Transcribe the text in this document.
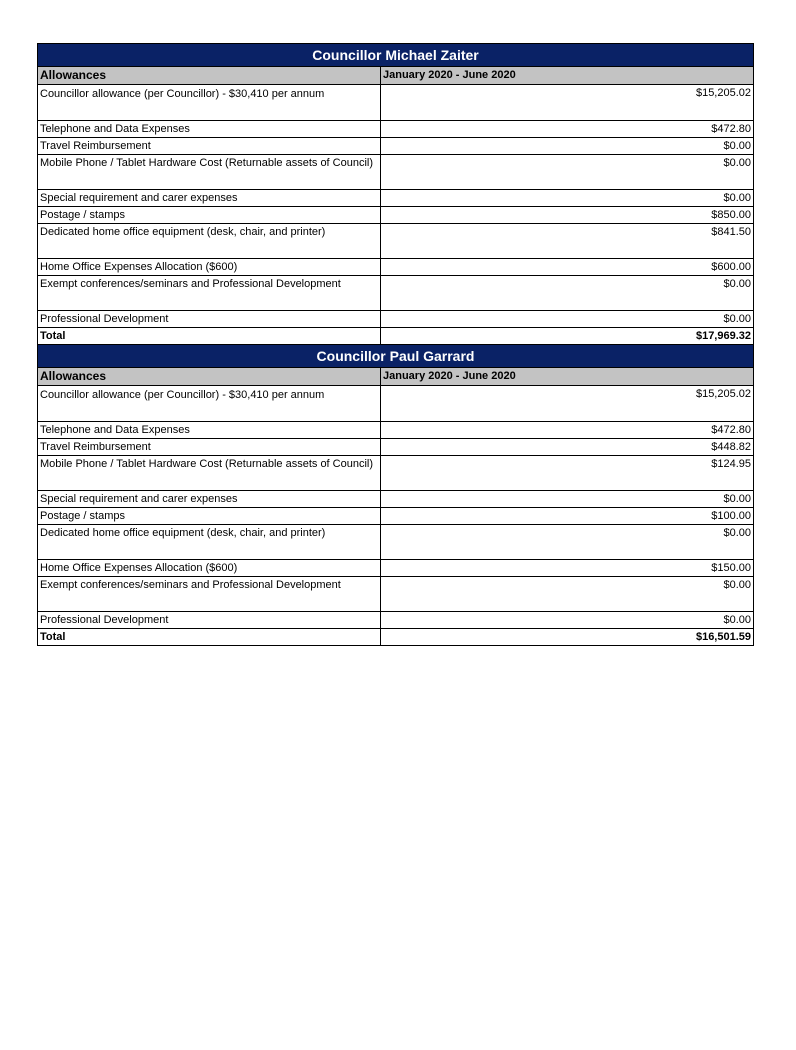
Councillor Michael Zaiter	
Allowances	January 2020 - June 2020
Councillor allowance (per Councillor) - $30,410 per annum	$15,205.02
Telephone and Data Expenses	$472.80
Travel Reimbursement	$0.00
Mobile Phone / Tablet Hardware Cost (Returnable assets of Council)	$0.00
Special requirement and carer expenses	$0.00
Postage / stamps	$850.00
Dedicated home office equipment (desk, chair, and printer)	$841.50
Home Office Expenses Allocation ($600)	$600.00
Exempt conferences/seminars and Professional Development	$0.00
Professional Development	$0.00
Total	$17,969.32
Councillor Paul Garrard	
Allowances	January 2020 - June 2020
Councillor allowance (per Councillor) - $30,410 per annum	$15,205.02
Telephone and Data Expenses	$472.80
Travel Reimbursement	$448.82
Mobile Phone / Tablet Hardware Cost (Returnable assets of Council)	$124.95
Special requirement and carer expenses	$0.00
Postage / stamps	$100.00
Dedicated home office equipment (desk, chair, and printer)	$0.00
Home Office Expenses Allocation ($600)	$150.00
Exempt conferences/seminars and Professional Development	$0.00
Professional Development	$0.00
Total	$16,501.59
